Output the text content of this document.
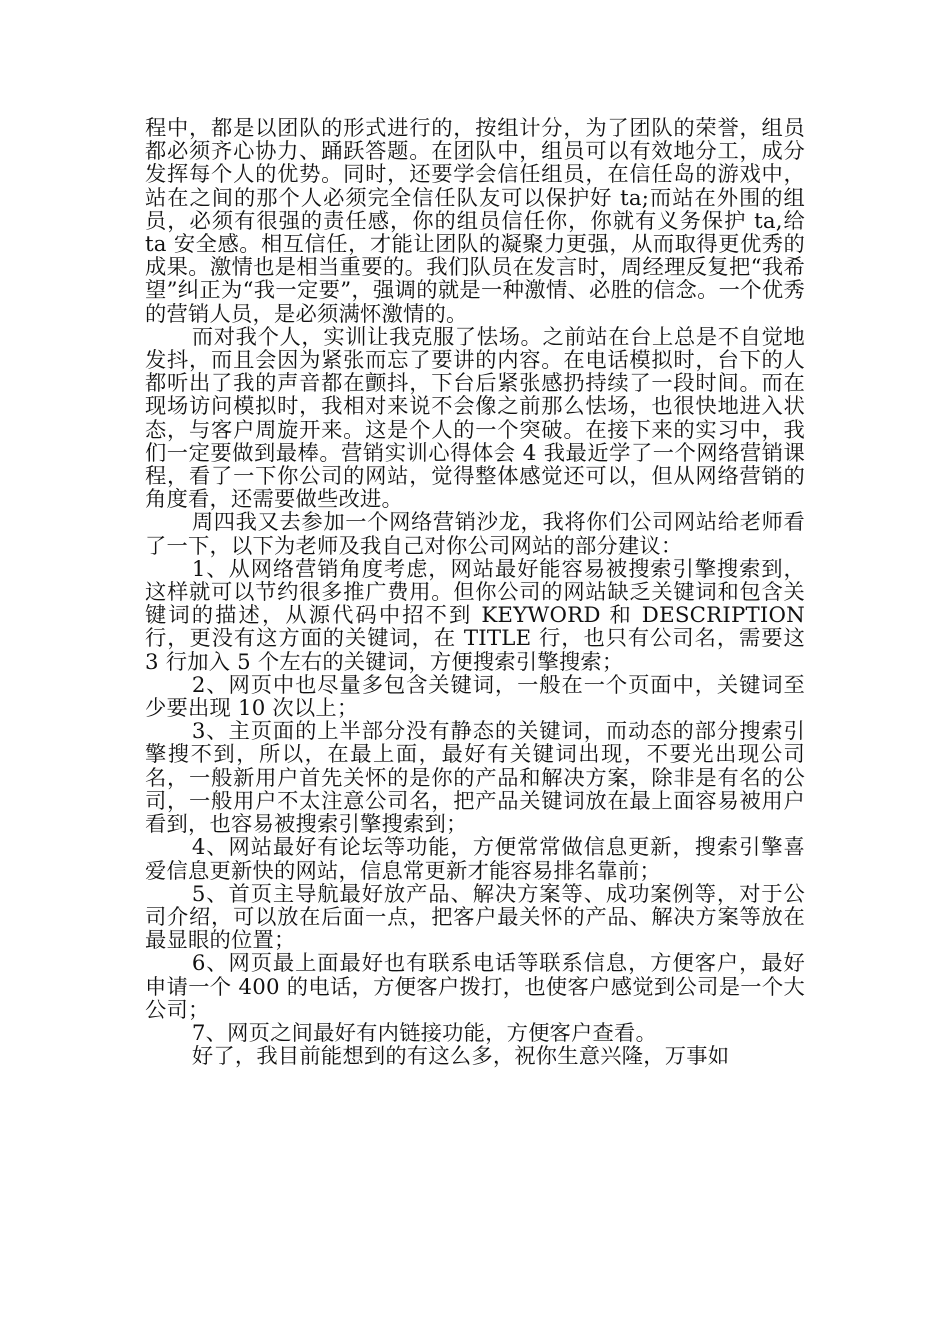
程中，都是以团队的形式进行的，按组计分，为了团队的荣誉，组员都必须齐心协力、踊跃答题。在团队中，组员可以有效地分工，成分发挥每个人的优势。同时，还要学会信任组员，在信任岛的游戏中，站在之间的那个人必须完全信任队友可以保护好 ta;而站在外围的组员，必须有很强的责任感，你的组员信任你，你就有义务保护 ta,给 ta 安全感。相互信任，才能让团队的凝聚力更强，从而取得更优秀的成果。激情也是相当重要的。我们队员在发言时，周经理反复把“我希望”纠正为“我一定要”，强调的就是一种激情、必胜的信念。一个优秀的营销人员，是必须满怀激情的。

而对我个人，实训让我克服了怯场。之前站在台上总是不自觉地发抖，而且会因为紧张而忘了要讲的内容。在电话模拟时，台下的人都听出了我的声音都在颤抖，下台后紧张感扔持续了一段时间。而在现场访问模拟时，我相对来说不会像之前那么怯场，也很快地进入状态，与客户周旋开来。这是个人的一个突破。在接下来的实习中，我们一定要做到最棒。营销实训心得体会 4 我最近学了一个网络营销课程，看了一下你公司的网站，觉得整体感觉还可以，但从网络营销的角度看，还需要做些改进。

周四我又去参加一个网络营销沙龙，我将你们公司网站给老师看了一下，以下为老师及我自己对你公司网站的部分建议：

1、从网络营销角度考虑，网站最好能容易被搜索引擎搜索到，这样就可以节约很多推广费用。但你公司的网站缺乏关键词和包含关键词的描述，从源代码中招不到 KEYWORD 和 DESCRIPTION 行，更没有这方面的关键词，在 TITLE 行，也只有公司名，需要这 3 行加入 5 个左右的关键词，方便搜索引擎搜索；

2、网页中也尽量多包含关键词，一般在一个页面中，关键词至少要出现 10 次以上；

3、主页面的上半部分没有静态的关键词，而动态的部分搜索引擎搜不到，所以，在最上面，最好有关键词出现，不要光出现公司名，一般新用户首先关怀的是你的产品和解决方案，除非是有名的公司，一般用户不太注意公司名，把产品关键词放在最上面容易被用户看到，也容易被搜索引擎搜索到；

4、网站最好有论坛等功能，方便常常做信息更新，搜索引擎喜爱信息更新快的网站，信息常更新才能容易排名靠前；

5、首页主导航最好放产品、解决方案等、成功案例等，对于公司介绍，可以放在后面一点，把客户最关怀的产品、解决方案等放在最显眼的位置；

6、网页最上面最好也有联系电话等联系信息，方便客户，最好申请一个 400 的电话，方便客户拨打，也使客户感觉到公司是一个大公司；

7、网页之间最好有内链接功能，方便客户查看。

好了，我目前能想到的有这么多，祝你生意兴隆，万事如
